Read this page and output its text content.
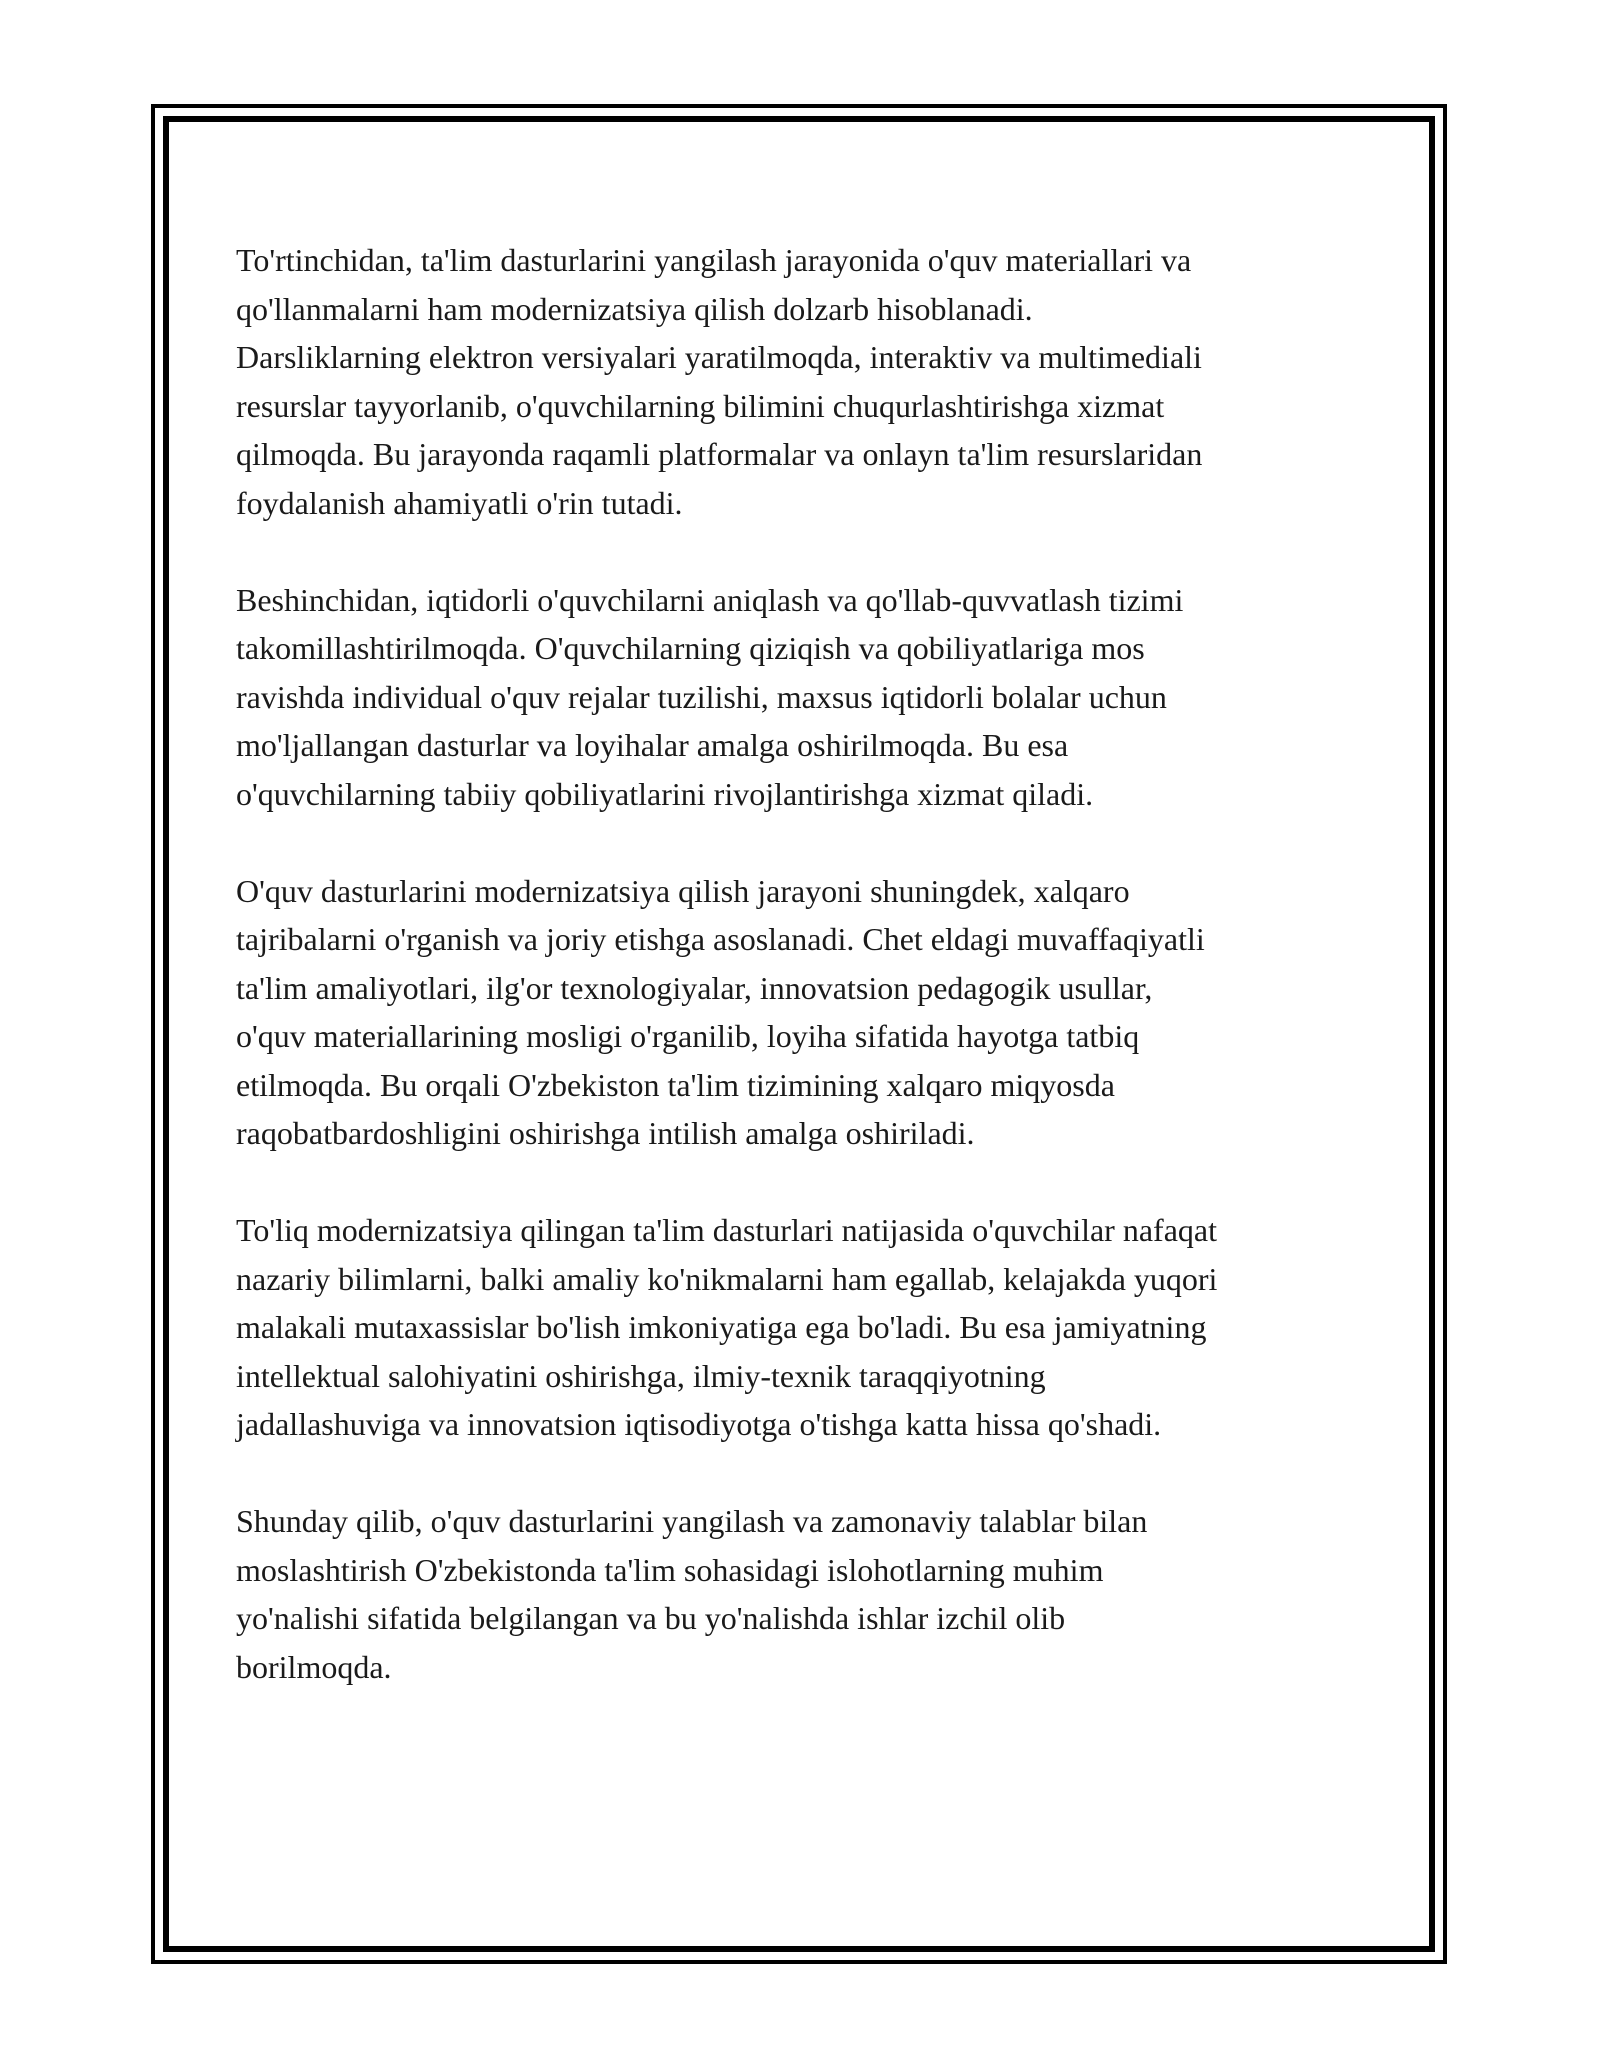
To'rtinchidan, ta'lim dasturlarini yangilash jarayonida o'quv materiallari va
qo'llanmalarni ham modernizatsiya qilish dolzarb hisoblanadi.
Darsliklarning elektron versiyalari yaratilmoqda, interaktiv va multimediali
resurslar tayyorlanib, o'quvchilarning bilimini chuqurlashtirishga xizmat
qilmoqda. Bu jarayonda raqamli platformalar va onlayn ta'lim resurslaridan
foydalanish ahamiyatli o'rin tutadi.

Beshinchidan, iqtidorli o'quvchilarni aniqlash va qo'llab-quvvatlash tizimi
takomillashtirilmoqda. O'quvchilarning qiziqish va qobiliyatlariga mos
ravishda individual o'quv rejalar tuzilishi, maxsus iqtidorli bolalar uchun
mo'ljallangan dasturlar va loyihalar amalga oshirilmoqda. Bu esa
o'quvchilarning tabiiy qobiliyatlarini rivojlantirishga xizmat qiladi.

O'quv dasturlarini modernizatsiya qilish jarayoni shuningdek, xalqaro
tajribalarni o'rganish va joriy etishga asoslanadi. Chet eldagi muvaffaqiyatli
ta'lim amaliyotlari, ilg'or texnologiyalar, innovatsion pedagogik usullar,
o'quv materiallarining mosligi o'rganilib, loyiha sifatida hayotga tatbiq
etilmoqda. Bu orqali O'zbekiston ta'lim tizimining xalqaro miqyosda
raqobatbardoshligini oshirishga intilish amalga oshiriladi.

To'liq modernizatsiya qilingan ta'lim dasturlari natijasida o'quvchilar nafaqat
nazariy bilimlarni, balki amaliy ko'nikmalarni ham egallab, kelajakda yuqori
malakali mutaxassislar bo'lish imkoniyatiga ega bo'ladi. Bu esa jamiyatning
intellektual salohiyatini oshirishga, ilmiy-texnik taraqqiyotning
jadallashuviga va innovatsion iqtisodiyotga o'tishga katta hissa qo'shadi.

Shunday qilib, o'quv dasturlarini yangilash va zamonaviy talablar bilan
moslashtirish O'zbekistonda ta'lim sohasidagi islohotlarning muhim
yo'nalishi sifatida belgilangan va bu yo'nalishda ishlar izchil olib
borilmoqda.
